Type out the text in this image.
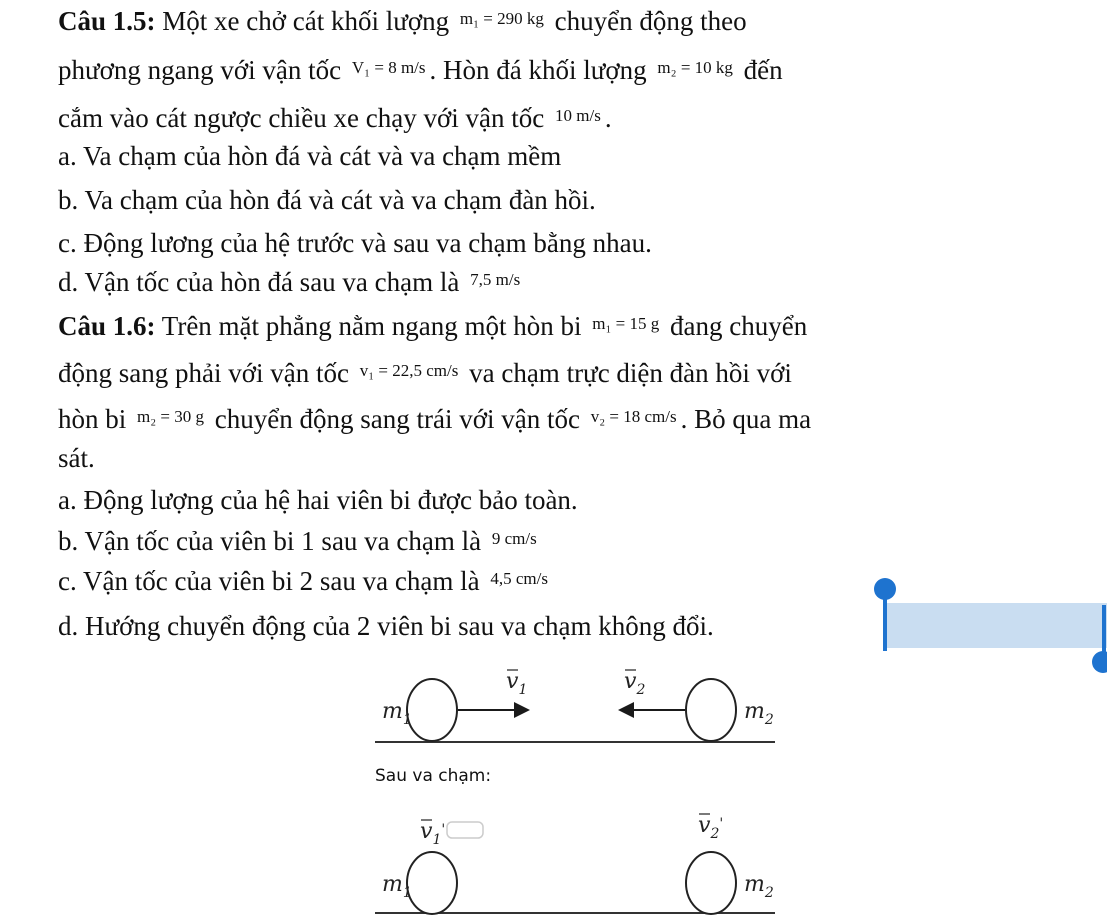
Câu 1.5: Một xe chở cát khối lượng $^{m_1 = 290 kg}$ chuyển động theo
phương ngang với vận tốc $^{V_1 = 8 m/s}$ . Hòn đá khối lượng $^{m_2 = 10 kg}$ đến
cắm vào cát ngược chiều xe chạy với vận tốc $^{10 m/s}$ .
a. Va chạm của hòn đá và cát và va chạm mềm
b. Va chạm của hòn đá và cát và va chạm đàn hồi.
c. Động lương của hệ trước và sau va chạm bằng nhau.
d. Vận tốc của hòn đá sau va chạm là $^{7,5 m/s}$
Câu 1.6: Trên mặt phẳng nằm ngang một hòn bi $^{m_1 = 15 g}$ đang chuyển
động sang phải với vận tốc $^{v_1 = 22,5 cm/s}$ va chạm trực diện đàn hồi với
hòn bi $^{m_2 = 30 g}$ chuyển động sang trái với vận tốc $^{v_2 = 18 cm/s}$ . Bỏ qua ma
sát.
a. Động lượng của hệ hai viên bi được bảo toàn.
b. Vận tốc của viên bi 1 sau va chạm là $^{9 cm/s}$
c. Vận tốc của viên bi 2 sau va chạm là $^{4,5 cm/s}$
d. Hướng chuyển động của 2 viên bi sau va chạm không đổi.
Sau va chạm:
$m_1$	$m_2$
$v_1$	$v_2$
$m_1$	$m_2$
$v_1'$	$v_2'$
